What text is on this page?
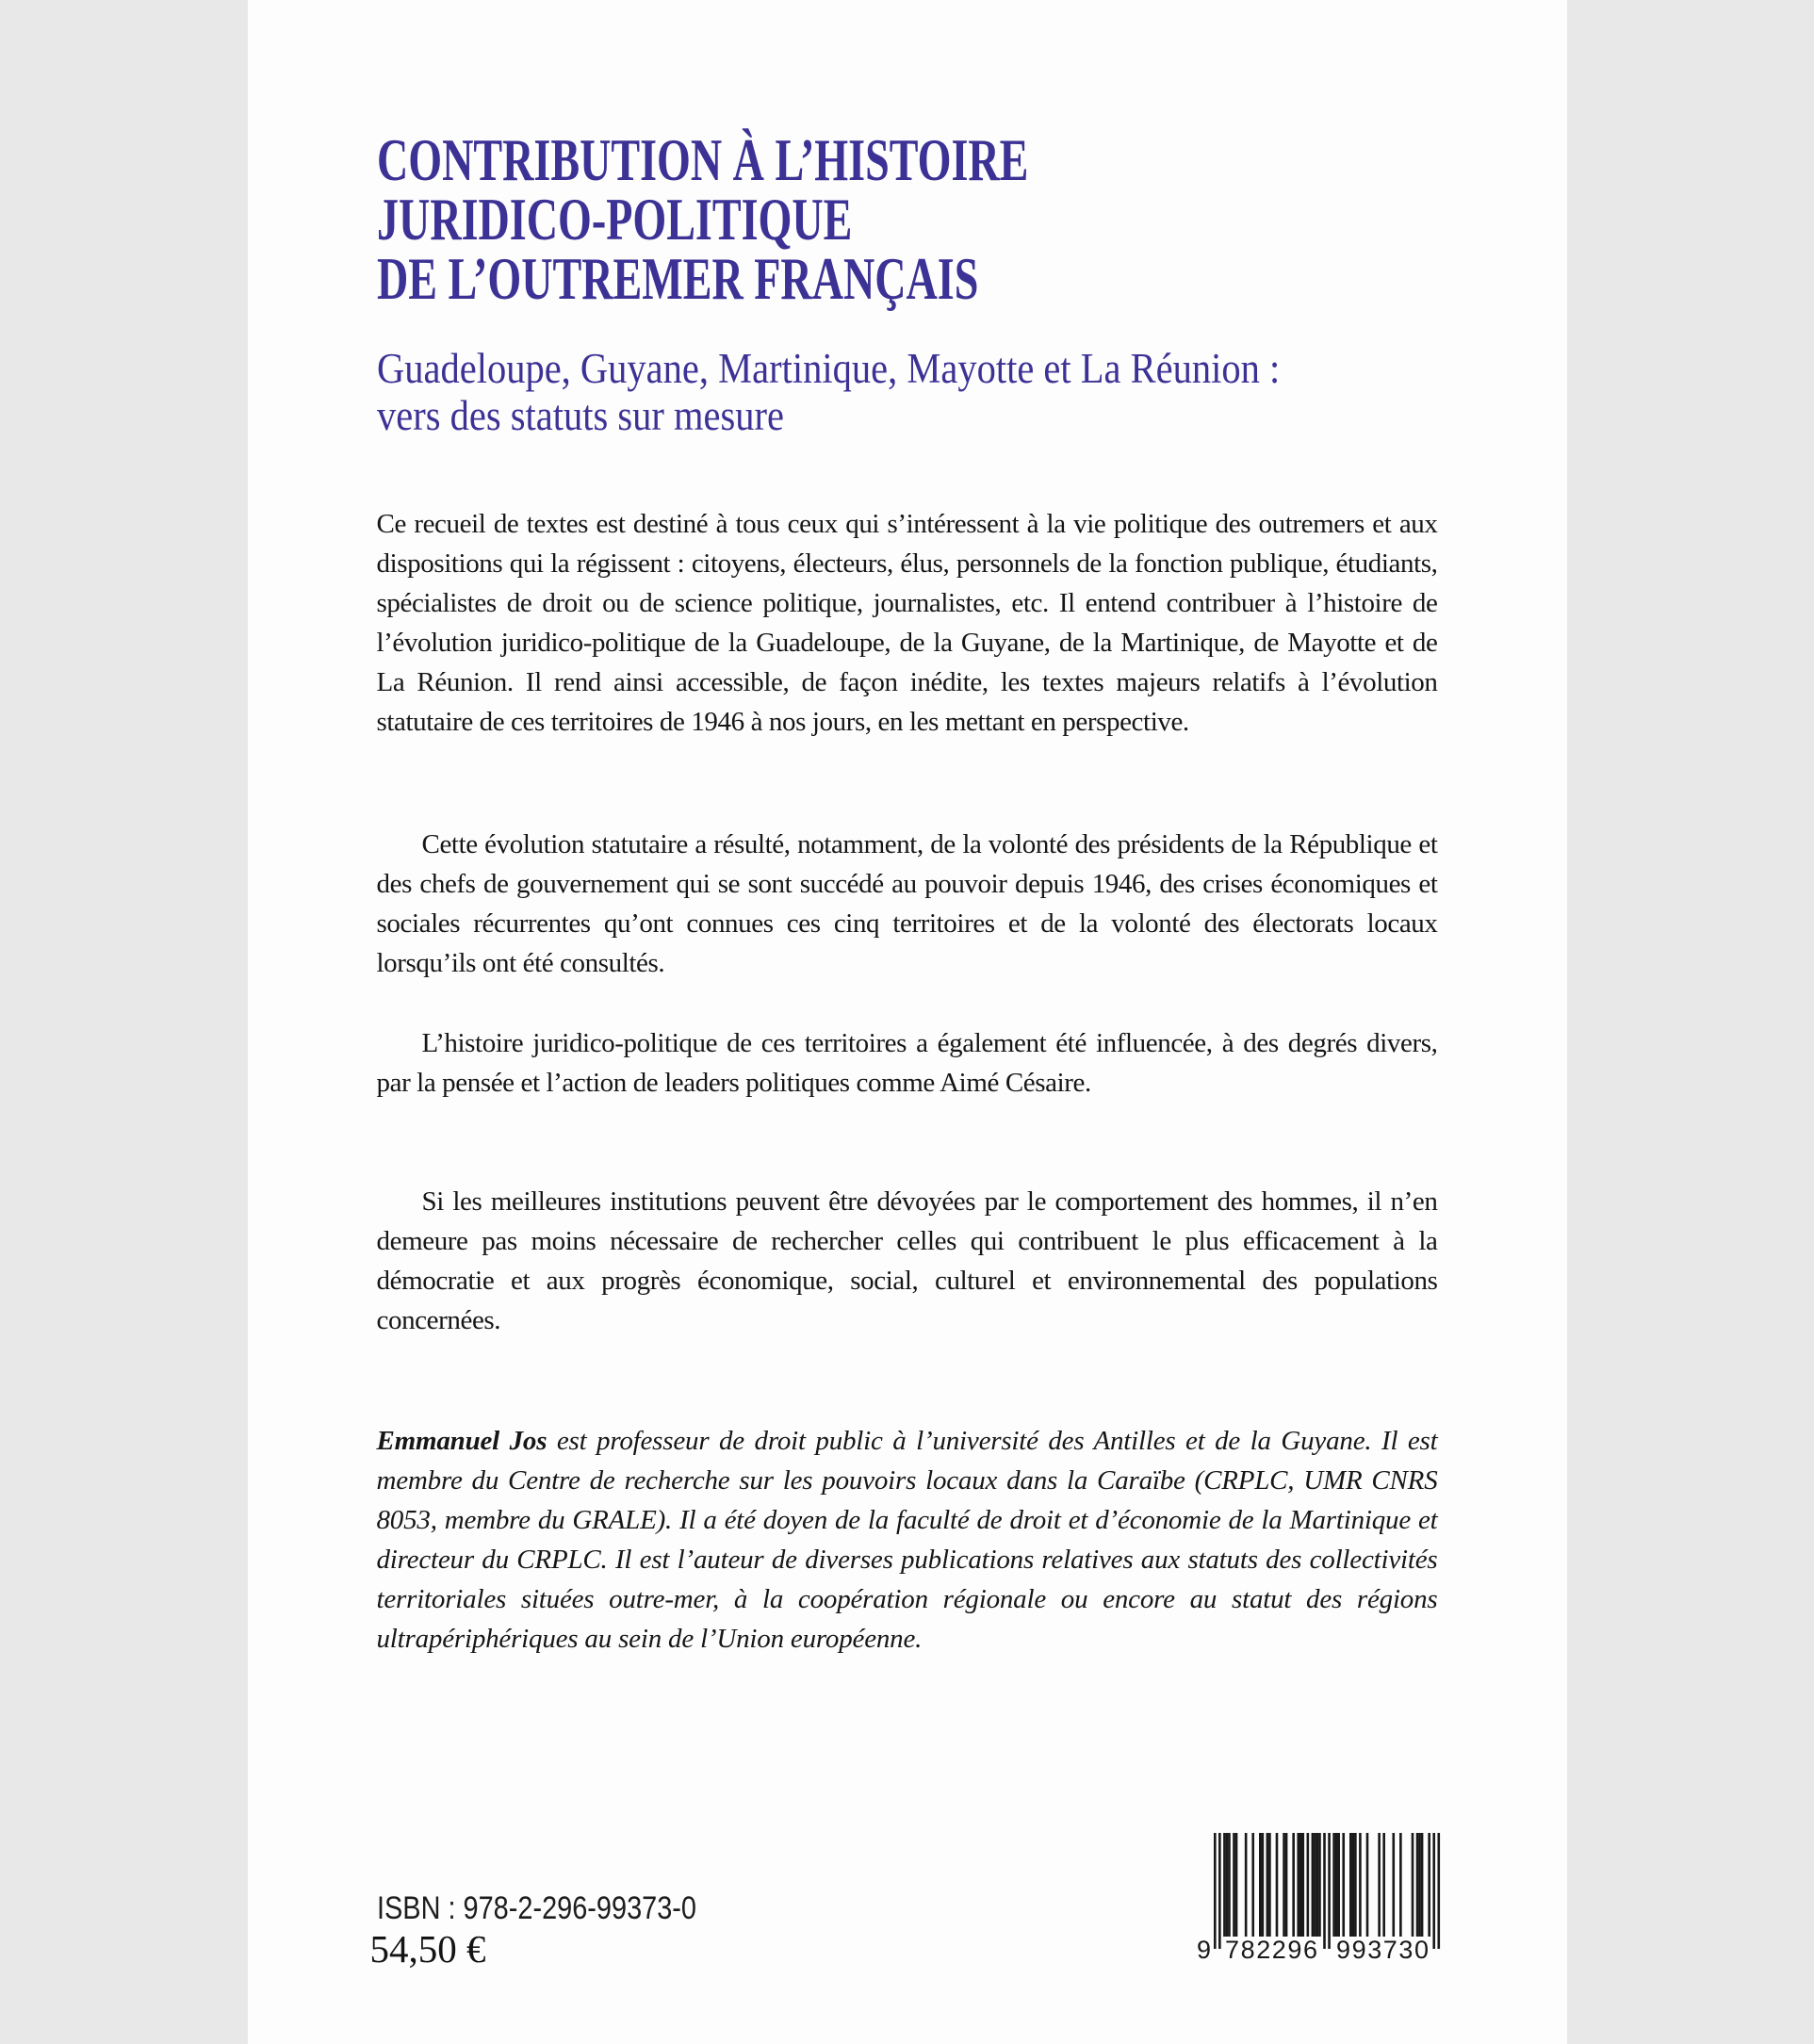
CONTRIBUTION À L’HISTOIRE
JURIDICO-POLITIQUE
DE L’OUTREMER FRANÇAIS
Guadeloupe, Guyane, Martinique, Mayotte et La Réunion :
vers des statuts sur mesure

Ce recueil de textes est destiné à tous ceux qui s’intéressent à la vie politique des outremers et aux dispositions qui la régissent : citoyens, électeurs, élus, personnels de la fonction publique, étudiants, spécialistes de droit ou de science politique, journalistes, etc. Il entend contribuer à l’histoire de l’évolution juridico-politique de la Guadeloupe, de la Guyane, de la Martinique, de Mayotte et de La Réunion. Il rend ainsi accessible, de façon inédite, les textes majeurs relatifs à l’évolution statutaire de ces territoires de 1946 à nos jours, en les mettant en perspective.

Cette évolution statutaire a résulté, notamment, de la volonté des présidents de la République et des chefs de gouvernement qui se sont succédé au pouvoir depuis 1946, des crises économiques et sociales récurrentes qu’ont connues ces cinq territoires et de la volonté des électorats locaux lorsqu’ils ont été consultés.

L’histoire juridico-politique de ces territoires a également été influencée, à des degrés divers, par la pensée et l’action de leaders politiques comme Aimé Césaire.

Si les meilleures institutions peuvent être dévoyées par le comportement des hommes, il n’en demeure pas moins nécessaire de rechercher celles qui contribuent le plus efficacement à la démocratie et aux progrès économique, social, culturel et environnemental des populations concernées.

Emmanuel Jos est professeur de droit public à l’université des Antilles et de la Guyane. Il est membre du Centre de recherche sur les pouvoirs locaux dans la Caraïbe (CRPLC, UMR CNRS 8053, membre du GRALE). Il a été doyen de la faculté de droit et d’économie de la Martinique et directeur du CRPLC. Il est l’auteur de diverses publications relatives aux statuts des collectivités territoriales situées outre-mer, à la coopération régionale ou encore au statut des régions ultrapériphériques au sein de l’Union européenne.
ISBN : 978-2-296-99373-0
54,50 €	9 782296 993730
